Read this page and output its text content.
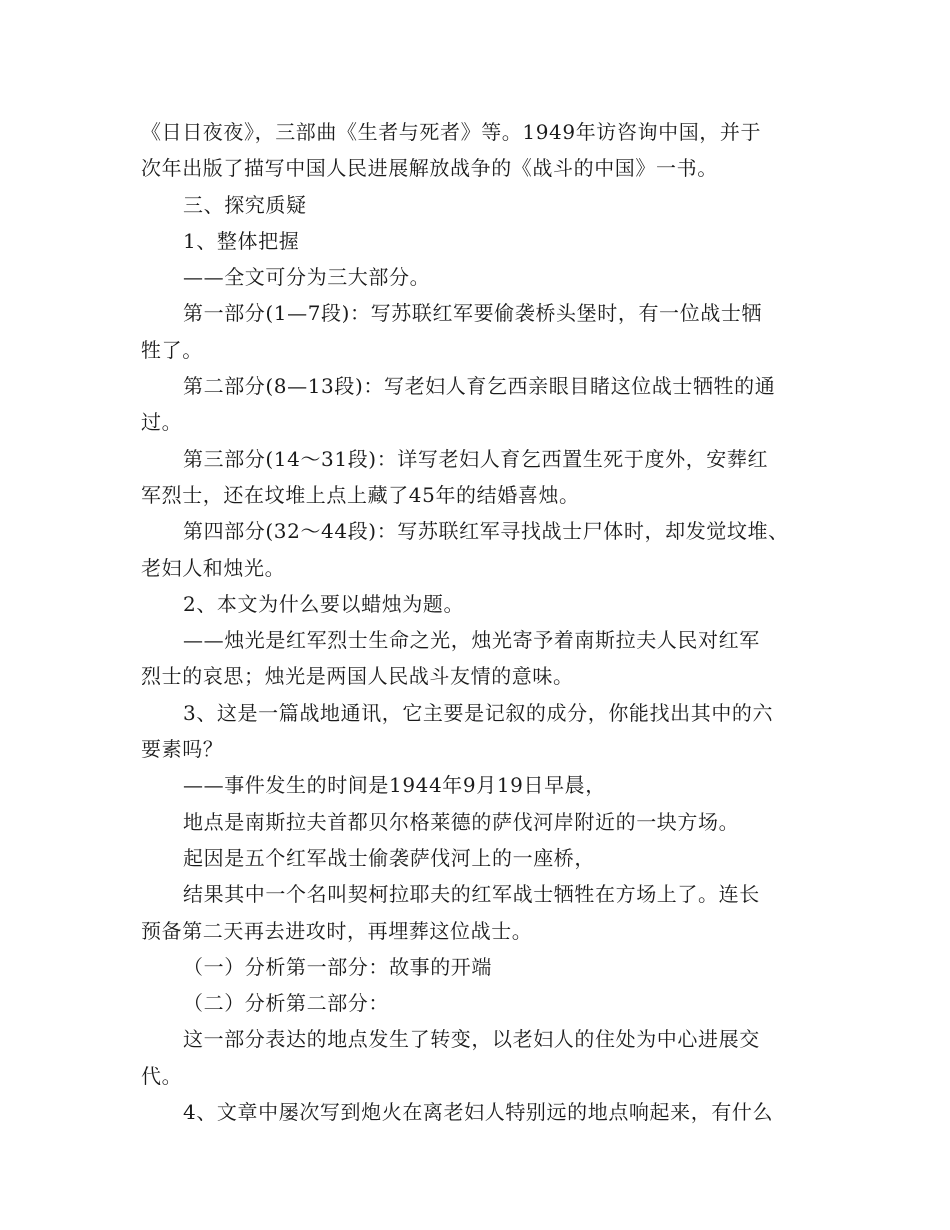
《日日夜夜》，三部曲《生者与死者》等。1949年访咨询中国，并于
次年出版了描写中国人民进展解放战争的《战斗的中国》一书。
三、探究质疑
1、整体把握
——全文可分为三大部分。
第一部分(1—7段)：写苏联红军要偷袭桥头堡时，有一位战士牺
牲了。
第二部分(8—13段)：写老妇人育乞西亲眼目睹这位战士牺牲的通
过。
第三部分(14～31段)：详写老妇人育乞西置生死于度外，安葬红
军烈士，还在坟堆上点上藏了45年的结婚喜烛。
第四部分(32～44段)：写苏联红军寻找战士尸体时，却发觉坟堆、
老妇人和烛光。
2、本文为什么要以蜡烛为题。
——烛光是红军烈士生命之光，烛光寄予着南斯拉夫人民对红军
烈士的哀思；烛光是两国人民战斗友情的意味。
3、这是一篇战地通讯，它主要是记叙的成分，你能找出其中的六
要素吗？
——事件发生的时间是1944年9月19日早晨，
地点是南斯拉夫首都贝尔格莱德的萨伐河岸附近的一块方场。
起因是五个红军战士偷袭萨伐河上的一座桥，
结果其中一个名叫契柯拉耶夫的红军战士牺牲在方场上了。连长
预备第二天再去进攻时，再埋葬这位战士。
（一）分析第一部分：故事的开端
（二）分析第二部分：
这一部分表达的地点发生了转变，以老妇人的住处为中心进展交
代。
4、文章中屡次写到炮火在离老妇人特别远的地点响起来，有什么
